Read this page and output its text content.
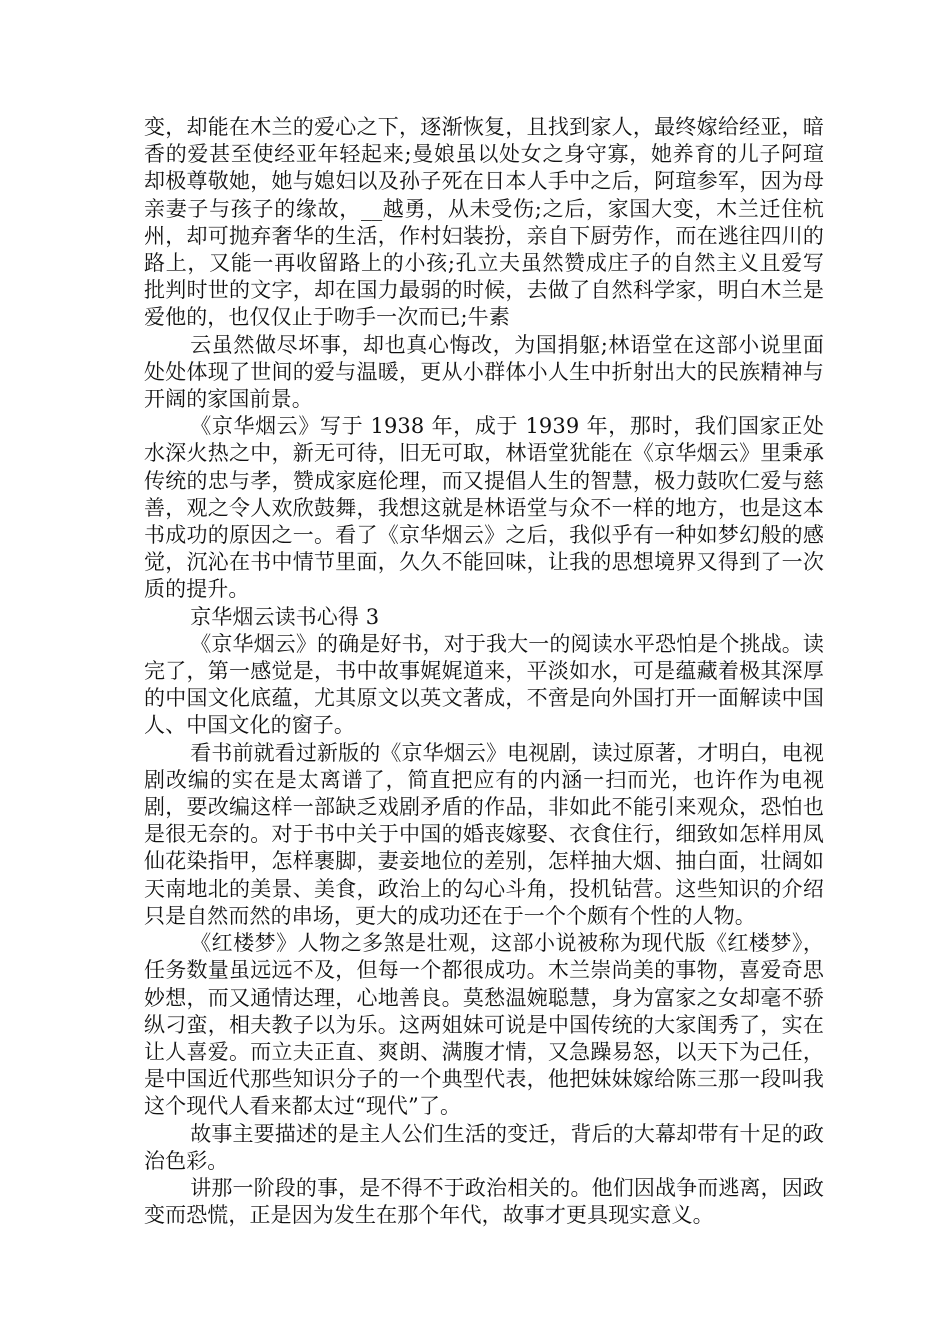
变，却能在木兰的爱心之下，逐渐恢复，且找到家人，最终嫁给经亚，暗香的爱甚至使经亚年轻起来;曼娘虽以处女之身守寡，她养育的儿子阿瑄却极尊敬她，她与媳妇以及孙子死在日本人手中之后，阿瑄参军，因为母亲妻子与孩子的缘故，__越勇，从未受伤;之后，家国大变，木兰迁住杭州，却可抛弃奢华的生活，作村妇装扮，亲自下厨劳作，而在逃往四川的路上，又能一再收留路上的小孩;孔立夫虽然赞成庄子的自然主义且爱写批判时世的文字，却在国力最弱的时候，去做了自然科学家，明白木兰是爱他的，也仅仅止于吻手一次而已;牛素

云虽然做尽坏事，却也真心悔改，为国捐躯;林语堂在这部小说里面处处体现了世间的爱与温暖，更从小群体小人生中折射出大的民族精神与开阔的家国前景。

《京华烟云》写于 1938 年，成于 1939 年，那时，我们国家正处水深火热之中，新无可待，旧无可取，林语堂犹能在《京华烟云》里秉承传统的忠与孝，赞成家庭伦理，而又提倡人生的智慧，极力鼓吹仁爱与慈善，观之令人欢欣鼓舞，我想这就是林语堂与众不一样的地方，也是这本书成功的原因之一。看了《京华烟云》之后，我似乎有一种如梦幻般的感觉，沉沁在书中情节里面，久久不能回味，让我的思想境界又得到了一次质的提升。

京华烟云读书心得 3

《京华烟云》的确是好书，对于我大一的阅读水平恐怕是个挑战。读完了，第一感觉是，书中故事娓娓道来，平淡如水，可是蕴藏着极其深厚的中国文化底蕴，尤其原文以英文著成，不啻是向外国打开一面解读中国人、中国文化的窗子。

看书前就看过新版的《京华烟云》电视剧，读过原著，才明白，电视剧改编的实在是太离谱了，简直把应有的内涵一扫而光，也许作为电视剧，要改编这样一部缺乏戏剧矛盾的作品，非如此不能引来观众，恐怕也是很无奈的。对于书中关于中国的婚丧嫁娶、衣食住行，细致如怎样用凤仙花染指甲，怎样裹脚，妻妾地位的差别，怎样抽大烟、抽白面，壮阔如天南地北的美景、美食，政治上的勾心斗角，投机钻营。这些知识的介绍只是自然而然的串场，更大的成功还在于一个个颇有个性的人物。

《红楼梦》人物之多煞是壮观，这部小说被称为现代版《红楼梦》，任务数量虽远远不及，但每一个都很成功。木兰崇尚美的事物，喜爱奇思妙想，而又通情达理，心地善良。莫愁温婉聪慧，身为富家之女却毫不骄纵刁蛮，相夫教子以为乐。这两姐妹可说是中国传统的大家闺秀了，实在让人喜爱。而立夫正直、爽朗、满腹才情，又急躁易怒，以天下为己任，是中国近代那些知识分子的一个典型代表，他把妹妹嫁给陈三那一段叫我这个现代人看来都太过“现代”了。

故事主要描述的是主人公们生活的变迁，背后的大幕却带有十足的政治色彩。

讲那一阶段的事，是不得不于政治相关的。他们因战争而逃离，因政变而恐慌，正是因为发生在那个年代，故事才更具现实意义。
